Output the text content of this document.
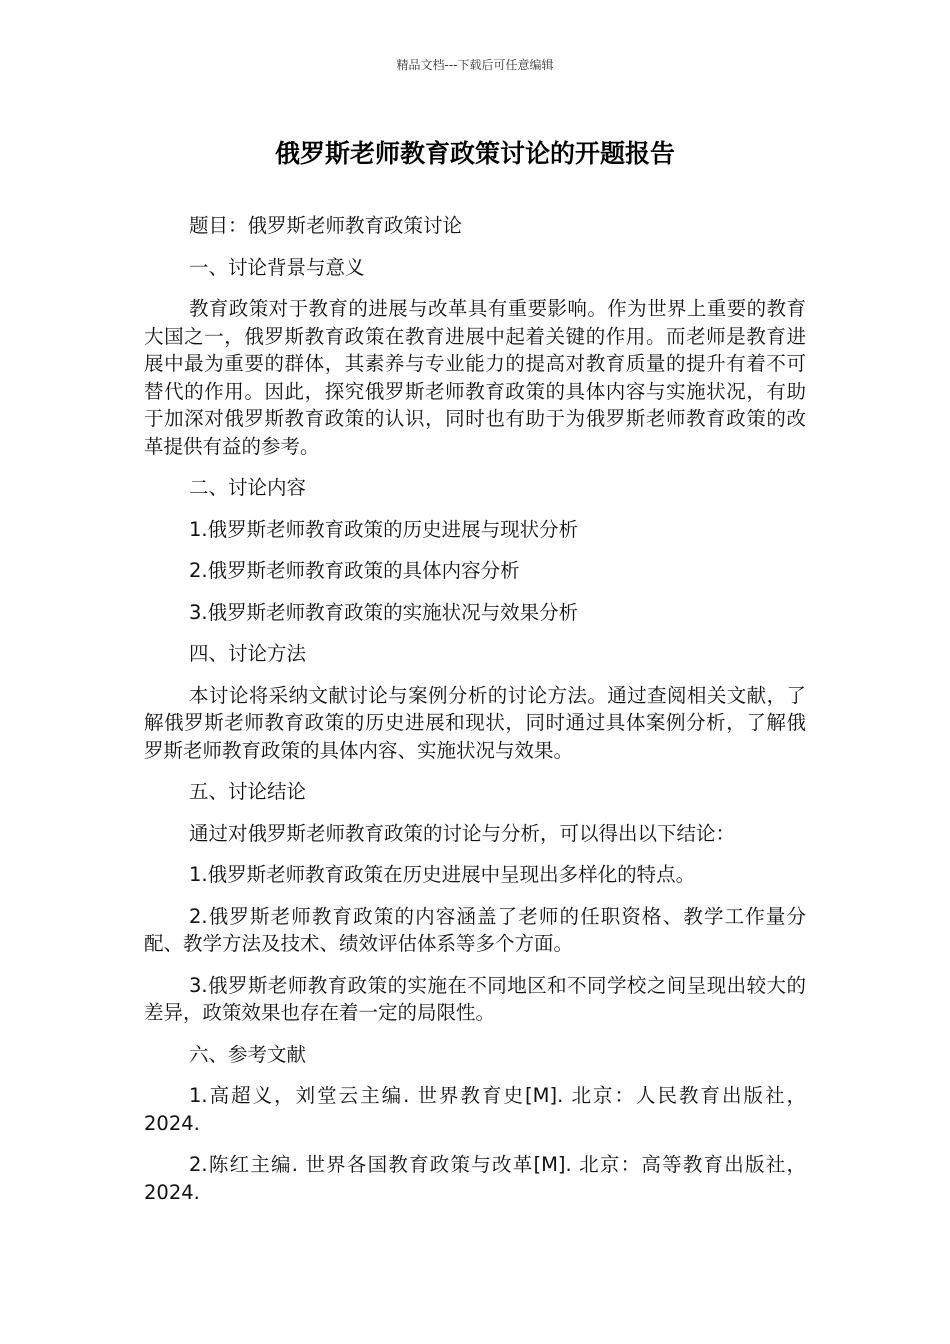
精品文档---下载后可任意编辑
俄罗斯老师教育政策讨论的开题报告

题目：俄罗斯老师教育政策讨论

一、讨论背景与意义

教育政策对于教育的进展与改革具有重要影响。作为世界上重要的教育大国之一，俄罗斯教育政策在教育进展中起着关键的作用。而老师是教育进展中最为重要的群体，其素养与专业能力的提高对教育质量的提升有着不可替代的作用。因此，探究俄罗斯老师教育政策的具体内容与实施状况，有助于加深对俄罗斯教育政策的认识，同时也有助于为俄罗斯老师教育政策的改革提供有益的参考。

二、讨论内容

1.俄罗斯老师教育政策的历史进展与现状分析

2.俄罗斯老师教育政策的具体内容分析

3.俄罗斯老师教育政策的实施状况与效果分析

四、讨论方法

本讨论将采纳文献讨论与案例分析的讨论方法。通过查阅相关文献，了解俄罗斯老师教育政策的历史进展和现状，同时通过具体案例分析，了解俄罗斯老师教育政策的具体内容、实施状况与效果。

五、讨论结论

通过对俄罗斯老师教育政策的讨论与分析，可以得出以下结论：

1.俄罗斯老师教育政策在历史进展中呈现出多样化的特点。

2.俄罗斯老师教育政策的内容涵盖了老师的任职资格、教学工作量分配、教学方法及技术、绩效评估体系等多个方面。

3.俄罗斯老师教育政策的实施在不同地区和不同学校之间呈现出较大的差异，政策效果也存在着一定的局限性。

六、参考文献

1.高超义，刘堂云主编. 世界教育史[M]. 北京：人民教育出版社，2024.

2.陈红主编. 世界各国教育政策与改革[M]. 北京：高等教育出版社，2024.
